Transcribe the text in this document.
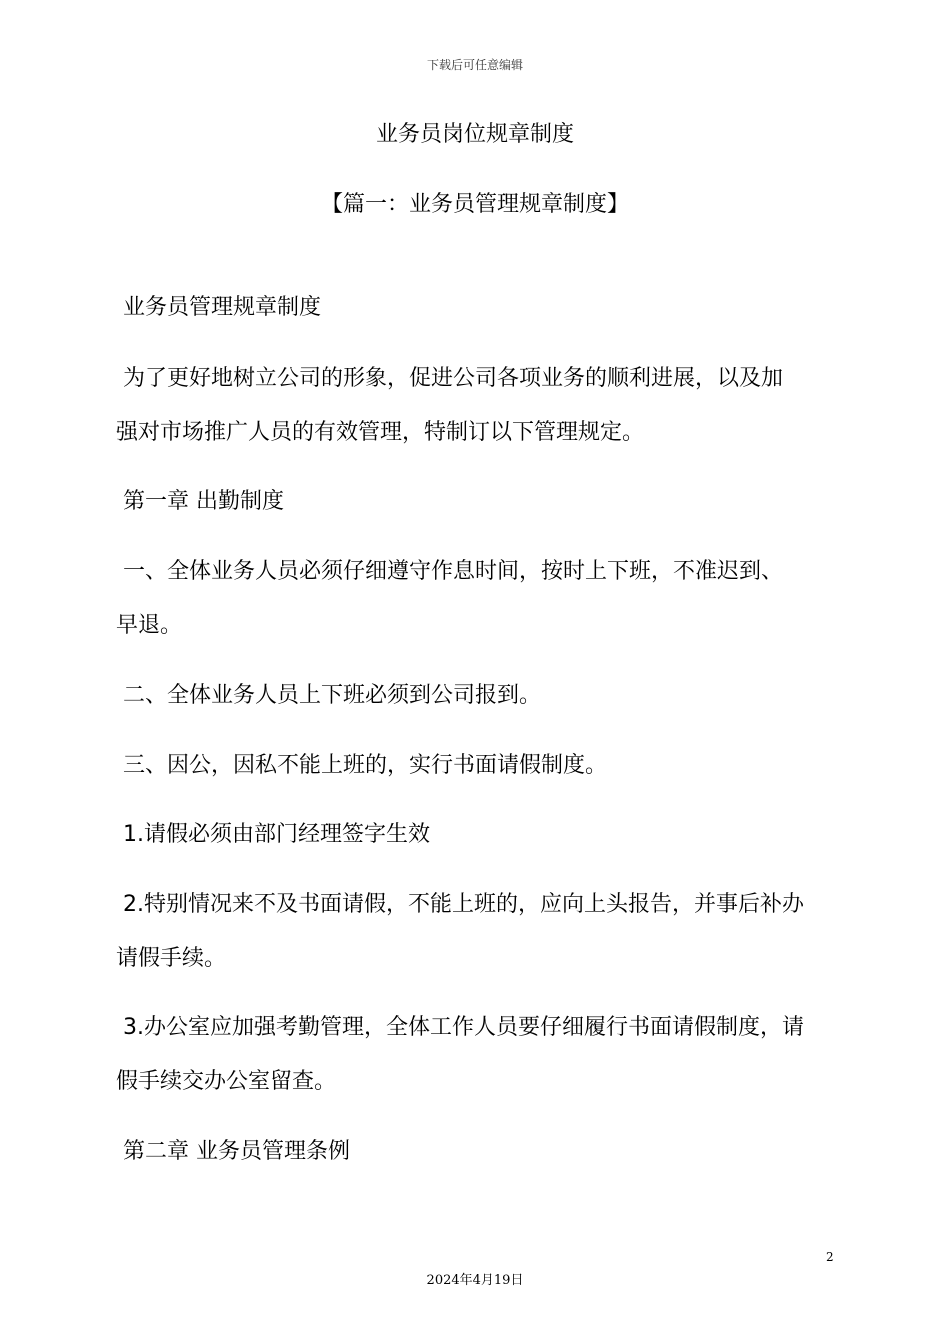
下载后可任意编辑
业务员岗位规章制度
【篇一：业务员管理规章制度】
业务员管理规章制度
为了更好地树立公司的形象，促进公司各项业务的顺利进展，以及加
强对市场推广人员的有效管理，特制订以下管理规定。
第一章 出勤制度
一、全体业务人员必须仔细遵守作息时间，按时上下班，不准迟到、
早退。
二、全体业务人员上下班必须到公司报到。
三、因公，因私不能上班的，实行书面请假制度。
1.请假必须由部门经理签字生效
2.特别情况来不及书面请假，不能上班的，应向上头报告，并事后补办
请假手续。
3.办公室应加强考勤管理，全体工作人员要仔细履行书面请假制度，请
假手续交办公室留查。
第二章 业务员管理条例
2
2024年4月19日
